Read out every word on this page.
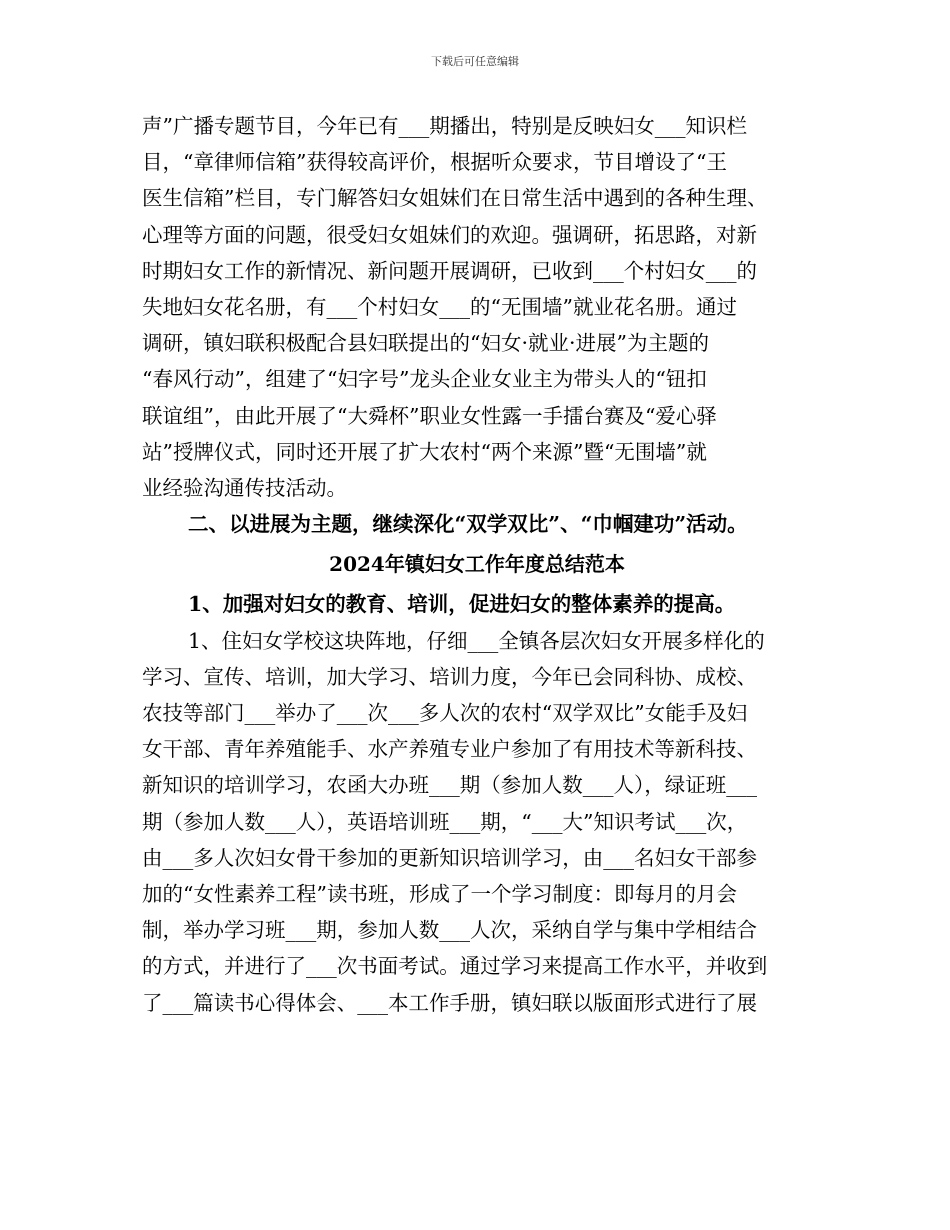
下载后可任意编辑
声”广播专题节目，今年已有___期播出，特别是反映妇女___知识栏
目，“章律师信箱”获得较高评价，根据听众要求，节目增设了“王
医生信箱”栏目，专门解答妇女姐妹们在日常生活中遇到的各种生理、
心理等方面的问题，很受妇女姐妹们的欢迎。强调研，拓思路，对新
时期妇女工作的新情况、新问题开展调研，已收到___个村妇女___的
失地妇女花名册，有___个村妇女___的“无围墙”就业花名册。通过
调研，镇妇联积极配合县妇联提出的“妇女·就业·进展”为主题的
“春风行动”，组建了“妇字号”龙头企业女业主为带头人的“钮扣
联谊组”，由此开展了“大舜杯”职业女性露一手擂台赛及“爱心驿
站”授牌仪式，同时还开展了扩大农村“两个来源”暨“无围墙”就
业经验沟通传技活动。
二、以进展为主题，继续深化“双学双比”、“巾帼建功”活动。
2024年镇妇女工作年度总结范本
1、加强对妇女的教育、培训，促进妇女的整体素养的提高。
1、住妇女学校这块阵地，仔细___全镇各层次妇女开展多样化的
学习、宣传、培训，加大学习、培训力度，今年已会同科协、成校、
农技等部门___举办了___次___多人次的农村“双学双比”女能手及妇
女干部、青年养殖能手、水产养殖专业户参加了有用技术等新科技、
新知识的培训学习，农函大办班___期（参加人数___人），绿证班___
期（参加人数___人），英语培训班___期，“___大”知识考试___次，
由___多人次妇女骨干参加的更新知识培训学习，由___名妇女干部参
加的“女性素养工程”读书班，形成了一个学习制度：即每月的月会
制，举办学习班___期，参加人数___人次，采纳自学与集中学相结合
的方式，并进行了___次书面考试。通过学习来提高工作水平，并收到
了___篇读书心得体会、___本工作手册，镇妇联以版面形式进行了展
